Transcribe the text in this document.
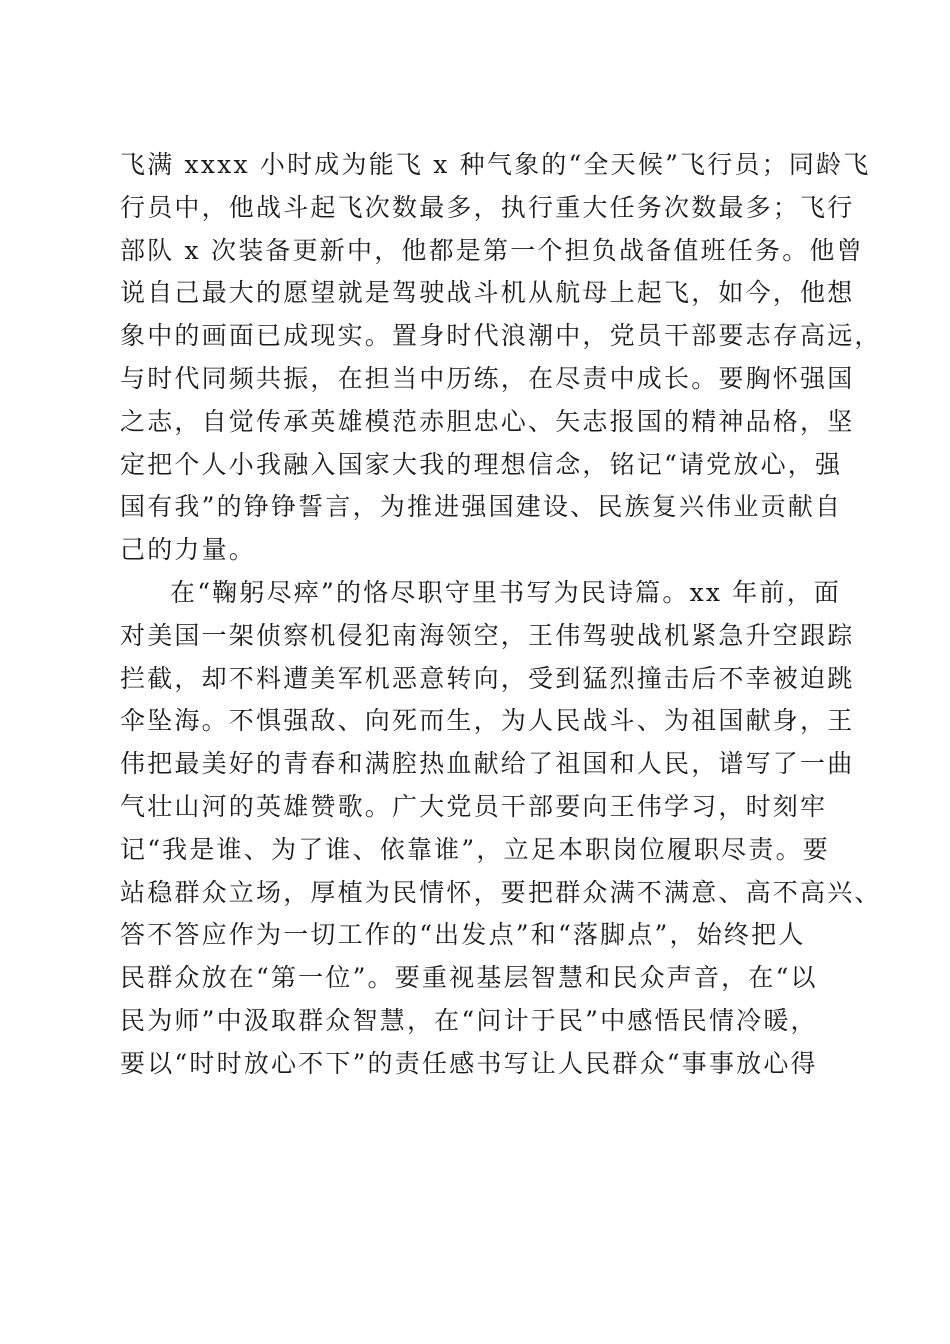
飞满 xxxx 小时成为能飞 x 种气象的“全天候”飞行员；同龄飞
行员中，他战斗起飞次数最多，执行重大任务次数最多；飞行
部队 x 次装备更新中，他都是第一个担负战备值班任务。他曾
说自己最大的愿望就是驾驶战斗机从航母上起飞，如今，他想
象中的画面已成现实。置身时代浪潮中，党员干部要志存高远，
与时代同频共振，在担当中历练，在尽责中成长。要胸怀强国
之志，自觉传承英雄模范赤胆忠心、矢志报国的精神品格，坚
定把个人小我融入国家大我的理想信念，铭记“请党放心，强
国有我”的铮铮誓言，为推进强国建设、民族复兴伟业贡献自
己的力量。
在“鞠躬尽瘁”的恪尽职守里书写为民诗篇。xx 年前，面
对美国一架侦察机侵犯南海领空，王伟驾驶战机紧急升空跟踪
拦截，却不料遭美军机恶意转向，受到猛烈撞击后不幸被迫跳
伞坠海。不惧强敌、向死而生，为人民战斗、为祖国献身，王
伟把最美好的青春和满腔热血献给了祖国和人民，谱写了一曲
气壮山河的英雄赞歌。广大党员干部要向王伟学习，时刻牢
记“我是谁、为了谁、依靠谁”，立足本职岗位履职尽责。要
站稳群众立场，厚植为民情怀，要把群众满不满意、高不高兴、
答不答应作为一切工作的“出发点”和“落脚点”，始终把人
民群众放在“第一位”。要重视基层智慧和民众声音，在“以
民为师”中汲取群众智慧，在“问计于民”中感悟民情冷暖，
要以“时时放心不下”的责任感书写让人民群众“事事放心得
